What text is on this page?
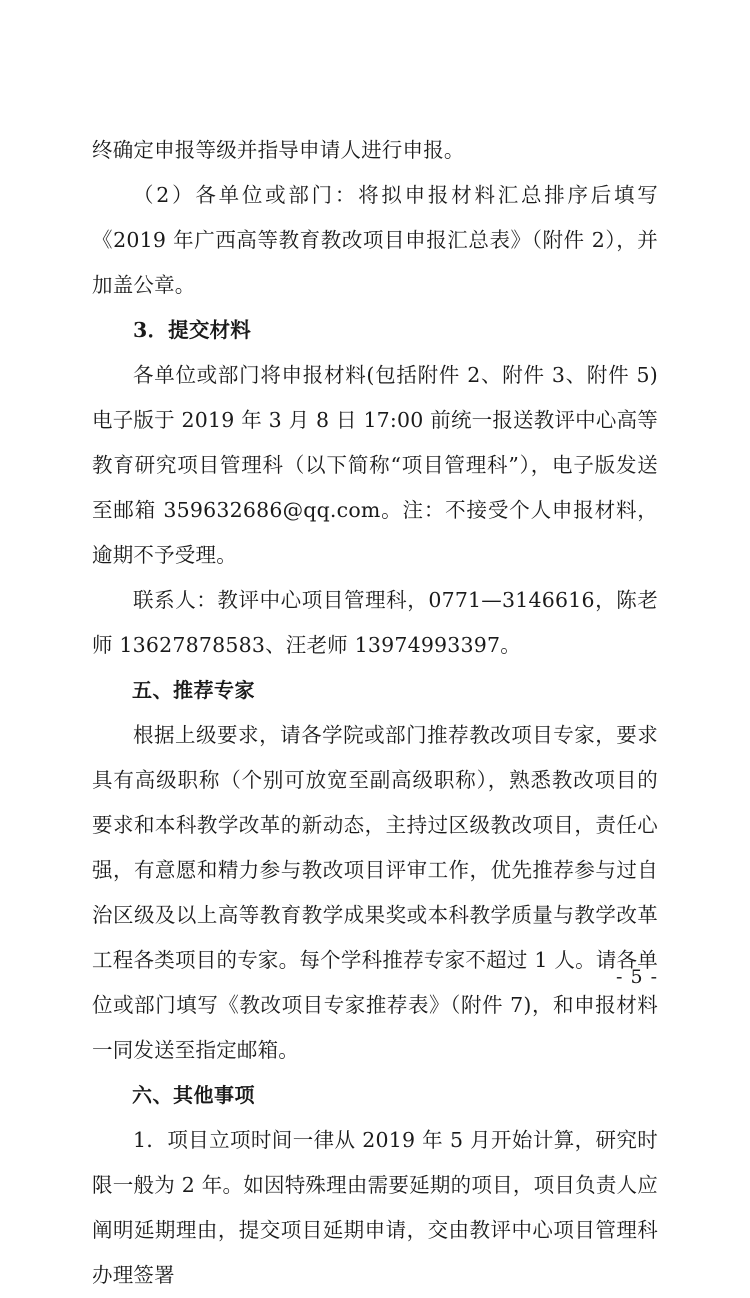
终确定申报等级并指导申请人进行申报。

（2）各单位或部门：将拟申报材料汇总排序后填写《2019 年广西高等教育教改项目申报汇总表》（附件 2），并加盖公章。

3．提交材料

各单位或部门将申报材料(包括附件 2、附件 3、附件 5)电子版于 2019 年 3 月 8 日 17:00 前统一报送教评中心高等教育研究项目管理科（以下简称“项目管理科”），电子版发送至邮箱 359632686@qq.com。注：不接受个人申报材料，逾期不予受理。

联系人：教评中心项目管理科，0771—3146616，陈老师 13627878583、汪老师 13974993397。

五、推荐专家

根据上级要求，请各学院或部门推荐教改项目专家，要求具有高级职称（个别可放宽至副高级职称），熟悉教改项目的要求和本科教学改革的新动态，主持过区级教改项目，责任心强，有意愿和精力参与教改项目评审工作，优先推荐参与过自治区级及以上高等教育教学成果奖或本科教学质量与教学改革工程各类项目的专家。每个学科推荐专家不超过 1 人。请各单位或部门填写《教改项目专家推荐表》（附件 7)，和申报材料一同发送至指定邮箱。

六、其他事项

1．项目立项时间一律从 2019 年 5 月开始计算，研究时限一般为 2 年。如因特殊理由需要延期的项目，项目负责人应阐明延期理由，提交项目延期申请，交由教评中心项目管理科办理签署

- 5 -
